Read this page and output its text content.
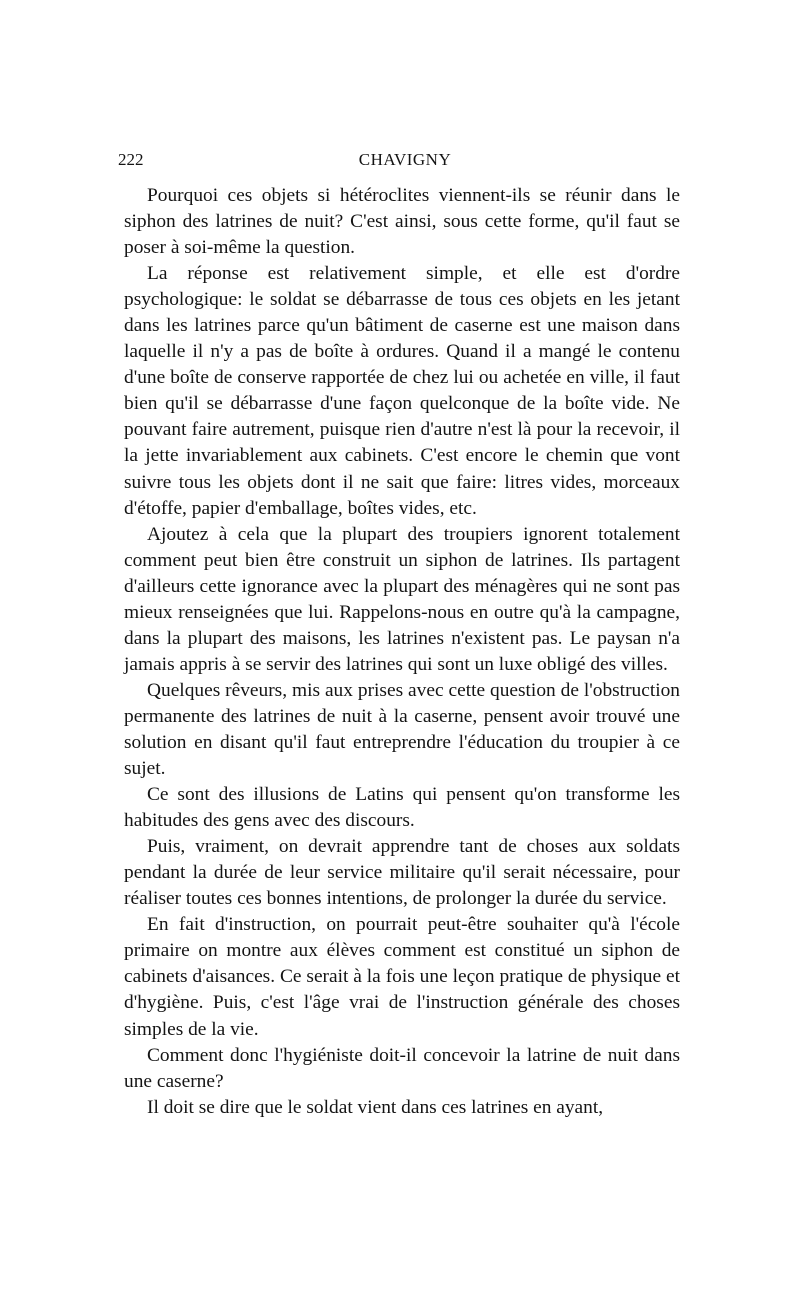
222	CHAVIGNY

Pourquoi ces objets si hétéroclites viennent-ils se réunir dans le siphon des latrines de nuit? C'est ainsi, sous cette forme, qu'il faut se poser à soi-même la question.

La réponse est relativement simple, et elle est d'ordre psychologique: le soldat se débarrasse de tous ces objets en les jetant dans les latrines parce qu'un bâtiment de caserne est une maison dans laquelle il n'y a pas de boîte à ordures. Quand il a mangé le contenu d'une boîte de conserve rapportée de chez lui ou achetée en ville, il faut bien qu'il se débarrasse d'une façon quelconque de la boîte vide. Ne pouvant faire autrement, puisque rien d'autre n'est là pour la recevoir, il la jette invariablement aux cabinets. C'est encore le chemin que vont suivre tous les objets dont il ne sait que faire: litres vides, morceaux d'étoffe, papier d'emballage, boîtes vides, etc.

Ajoutez à cela que la plupart des troupiers ignorent totalement comment peut bien être construit un siphon de latrines. Ils partagent d'ailleurs cette ignorance avec la plupart des ménagères qui ne sont pas mieux renseignées que lui. Rappelons-nous en outre qu'à la campagne, dans la plupart des maisons, les latrines n'existent pas. Le paysan n'a jamais appris à se servir des latrines qui sont un luxe obligé des villes.

Quelques rêveurs, mis aux prises avec cette question de l'obstruction permanente des latrines de nuit à la caserne, pensent avoir trouvé une solution en disant qu'il faut entreprendre l'éducation du troupier à ce sujet.

Ce sont des illusions de Latins qui pensent qu'on transforme les habitudes des gens avec des discours.

Puis, vraiment, on devrait apprendre tant de choses aux soldats pendant la durée de leur service militaire qu'il serait nécessaire, pour réaliser toutes ces bonnes intentions, de prolonger la durée du service.

En fait d'instruction, on pourrait peut-être souhaiter qu'à l'école primaire on montre aux élèves comment est constitué un siphon de cabinets d'aisances. Ce serait à la fois une leçon pratique de physique et d'hygiène. Puis, c'est l'âge vrai de l'instruction générale des choses simples de la vie.

Comment donc l'hygiéniste doit-il concevoir la latrine de nuit dans une caserne?

Il doit se dire que le soldat vient dans ces latrines en ayant,
